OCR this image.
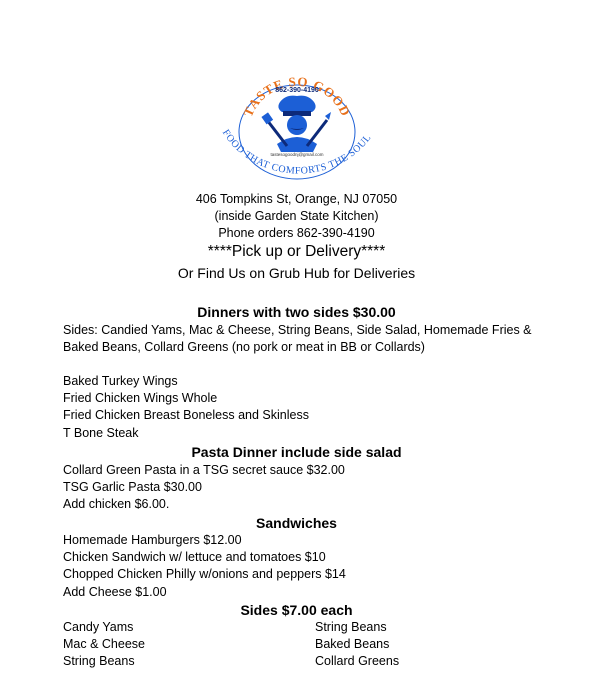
TASTE SO GOOD
862-390-4190
FOOD THAT COMFORTS THE SOUL
tastesogoodnj@gmail.com
406 Tompkins St, Orange, NJ 07050
(inside Garden State Kitchen)
Phone orders 862-390-4190
****Pick up or Delivery****
Or Find Us on Grub Hub for Deliveries
Dinners with two sides $30.00
Sides: Candied Yams, Mac & Cheese, String Beans, Side Salad, Homemade Fries &
Baked Beans, Collard Greens (no pork or meat in BB or Collards)
Baked Turkey Wings
Fried Chicken Wings Whole
Fried Chicken Breast Boneless and Skinless
T Bone Steak
Pasta Dinner include side salad
Collard Green Pasta in a TSG secret sauce $32.00
TSG Garlic Pasta $30.00
Add chicken $6.00.
Sandwiches
Homemade Hamburgers $12.00
Chicken Sandwich w/ lettuce and tomatoes $10
Chopped Chicken Philly w/onions and peppers $14
Add Cheese $1.00
Sides $7.00 each
Candy Yams
Mac & Cheese
String Beans
String Beans
Baked Beans
Collard Greens
